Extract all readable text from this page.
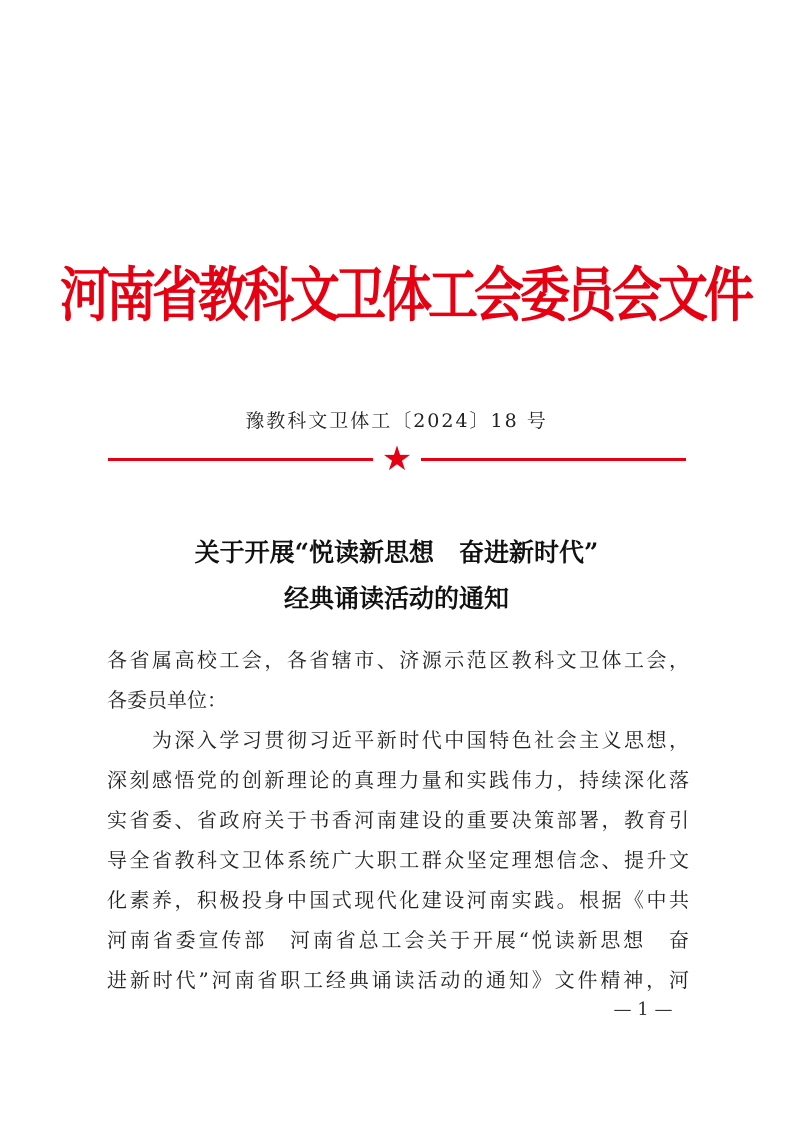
河南省教科文卫体工会委员会文件
豫教科文卫体工〔2024〕18 号
★
关于开展“悦读新思想　奋进新时代”
经典诵读活动的通知
各省属高校工会，各省辖市、济源示范区教科文卫体工会，
各委员单位：
　　为深入学习贯彻习近平新时代中国特色社会主义思想，
深刻感悟党的创新理论的真理力量和实践伟力，持续深化落
实省委、省政府关于书香河南建设的重要决策部署，教育引
导全省教科文卫体系统广大职工群众坚定理想信念、提升文
化素养，积极投身中国式现代化建设河南实践。根据《中共
河南省委宣传部　河南省总工会关于开展“悦读新思想　奋
进新时代”河南省职工经典诵读活动的通知》文件精神，河
— 1 —
